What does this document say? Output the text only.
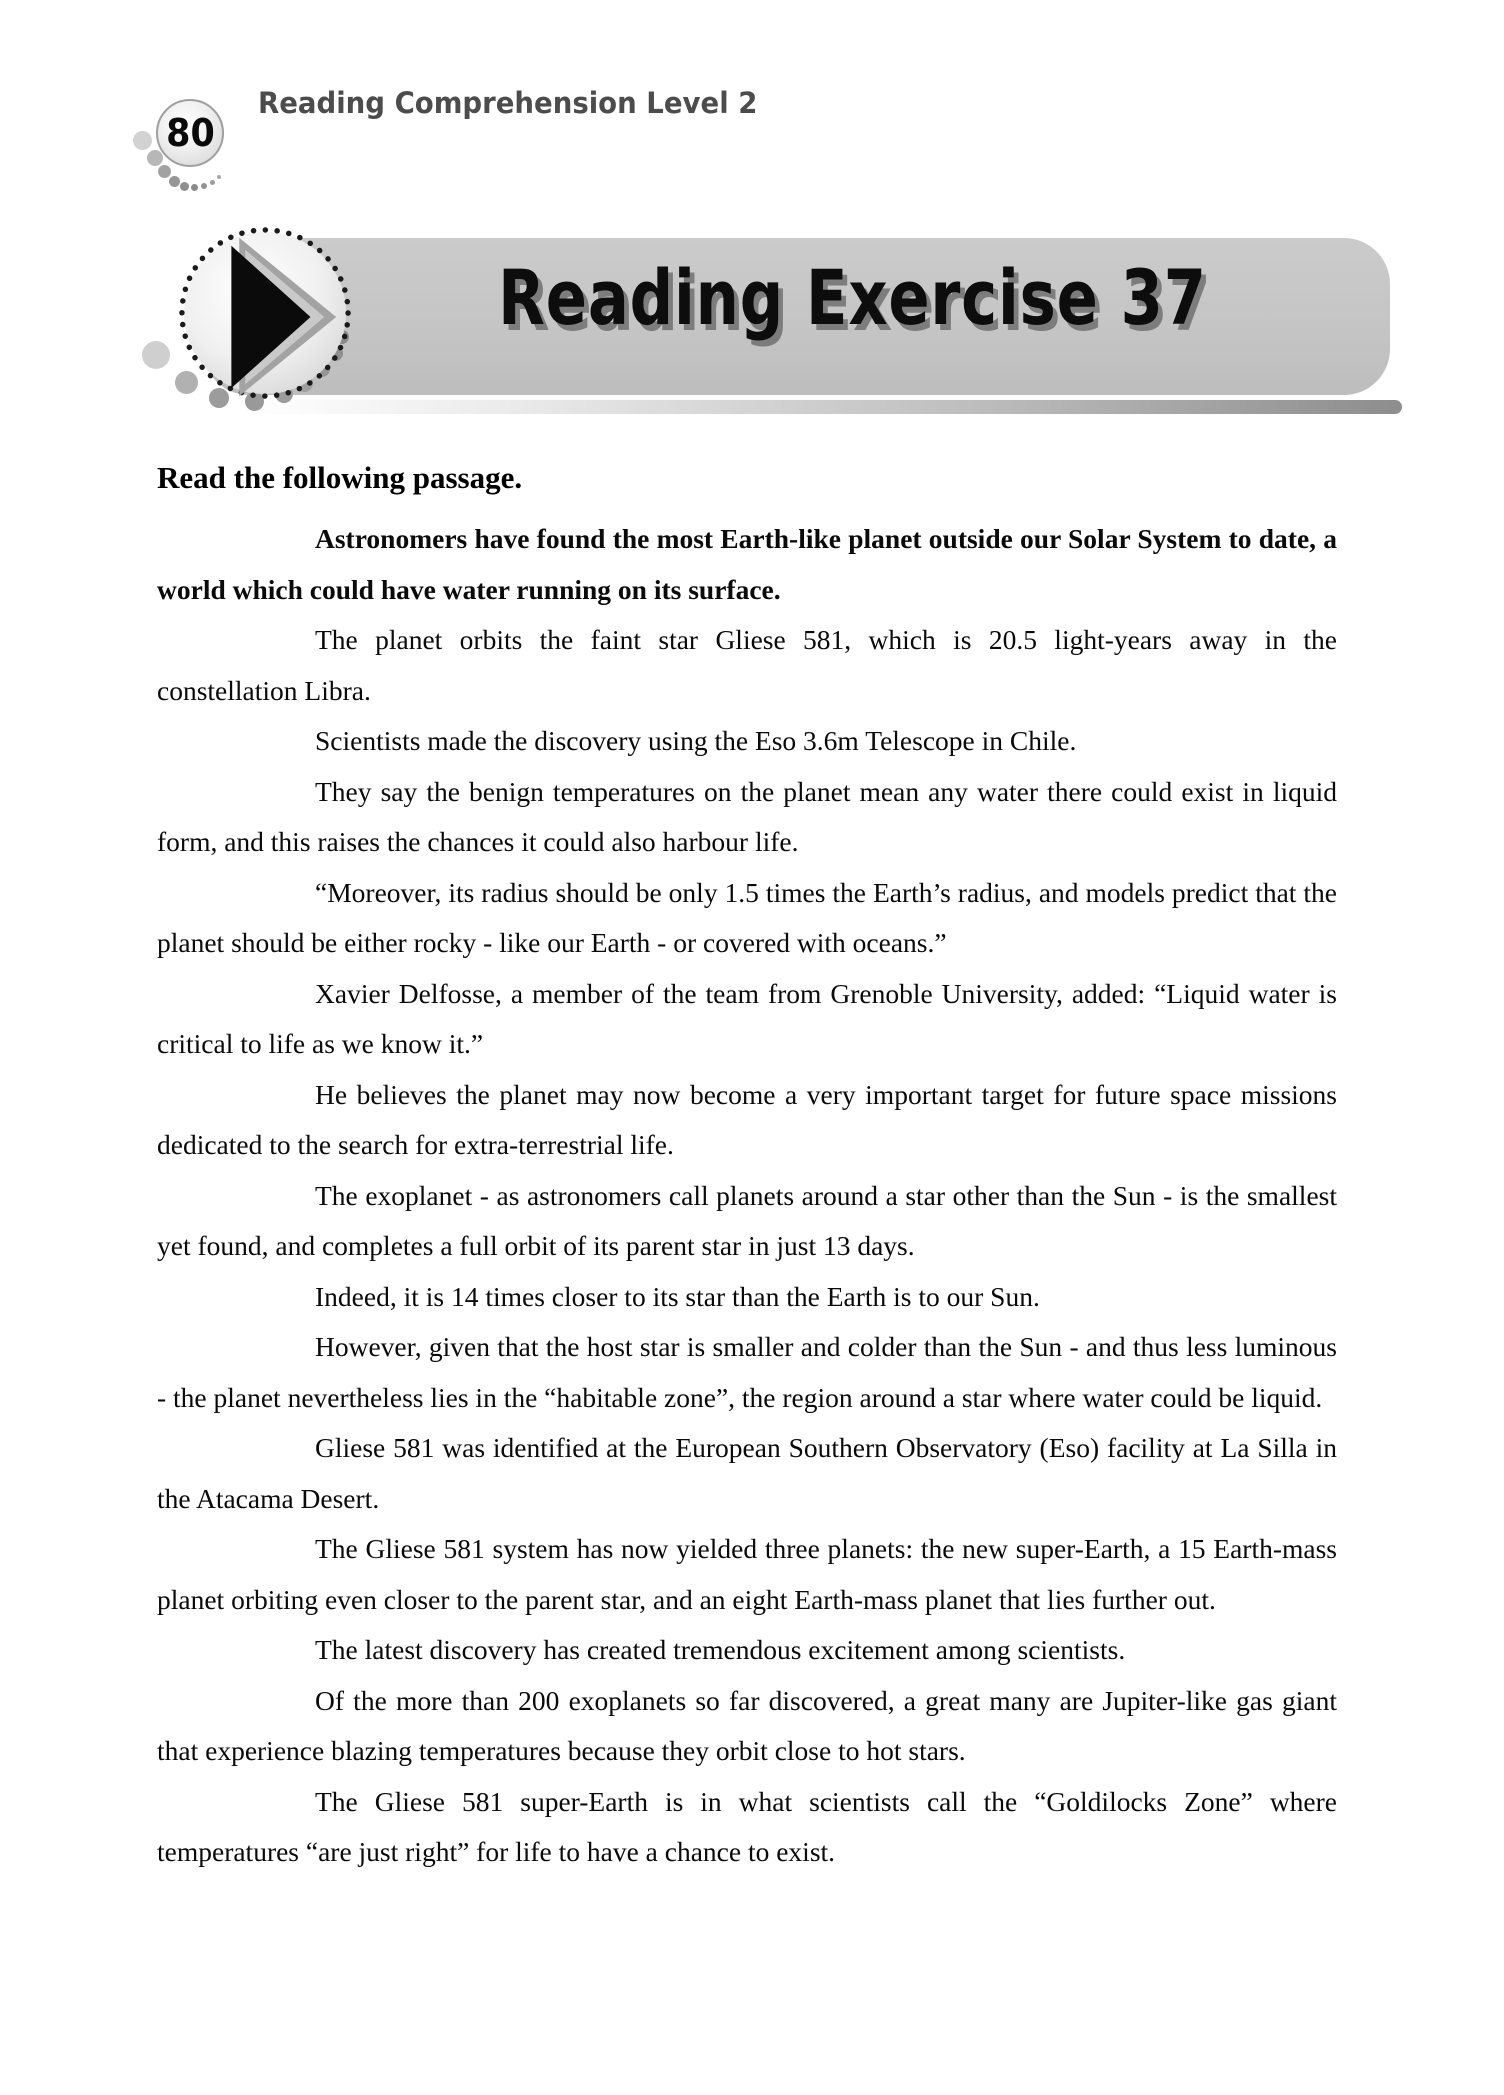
80
Reading Comprehension Level 2
Reading Exercise 37
Read the following passage.

Astronomers have found the most Earth-like planet outside our Solar System to date, a world which could have water running on its surface.

The planet orbits the faint star Gliese 581, which is 20.5 light-years away in the constellation Libra.

Scientists made the discovery using the Eso 3.6m Telescope in Chile.

They say the benign temperatures on the planet mean any water there could exist in liquid form, and this raises the chances it could also harbour life.

“Moreover, its radius should be only 1.5 times the Earth’s radius, and models predict that the planet should be either rocky - like our Earth - or covered with oceans.”

Xavier Delfosse, a member of the team from Grenoble University, added: “Liquid water is critical to life as we know it.”

He believes the planet may now become a very important target for future space missions dedicated to the search for extra-terrestrial life.

The exoplanet - as astronomers call planets around a star other than the Sun - is the smallest yet found, and completes a full orbit of its parent star in just 13 days.

Indeed, it is 14 times closer to its star than the Earth is to our Sun.

However, given that the host star is smaller and colder than the Sun - and thus less luminous - the planet nevertheless lies in the “habitable zone”, the region around a star where water could be liquid.

Gliese 581 was identified at the European Southern Observatory (Eso) facility at La Silla in the Atacama Desert.

The Gliese 581 system has now yielded three planets: the new super-Earth, a 15 Earth-mass planet orbiting even closer to the parent star, and an eight Earth-mass planet that lies further out.

The latest discovery has created tremendous excitement among scientists.

Of the more than 200 exoplanets so far discovered, a great many are Jupiter-like gas giant that experience blazing temperatures because they orbit close to hot stars.

The Gliese 581 super-Earth is in what scientists call the “Goldilocks Zone” where temperatures “are just right” for life to have a chance to exist.
